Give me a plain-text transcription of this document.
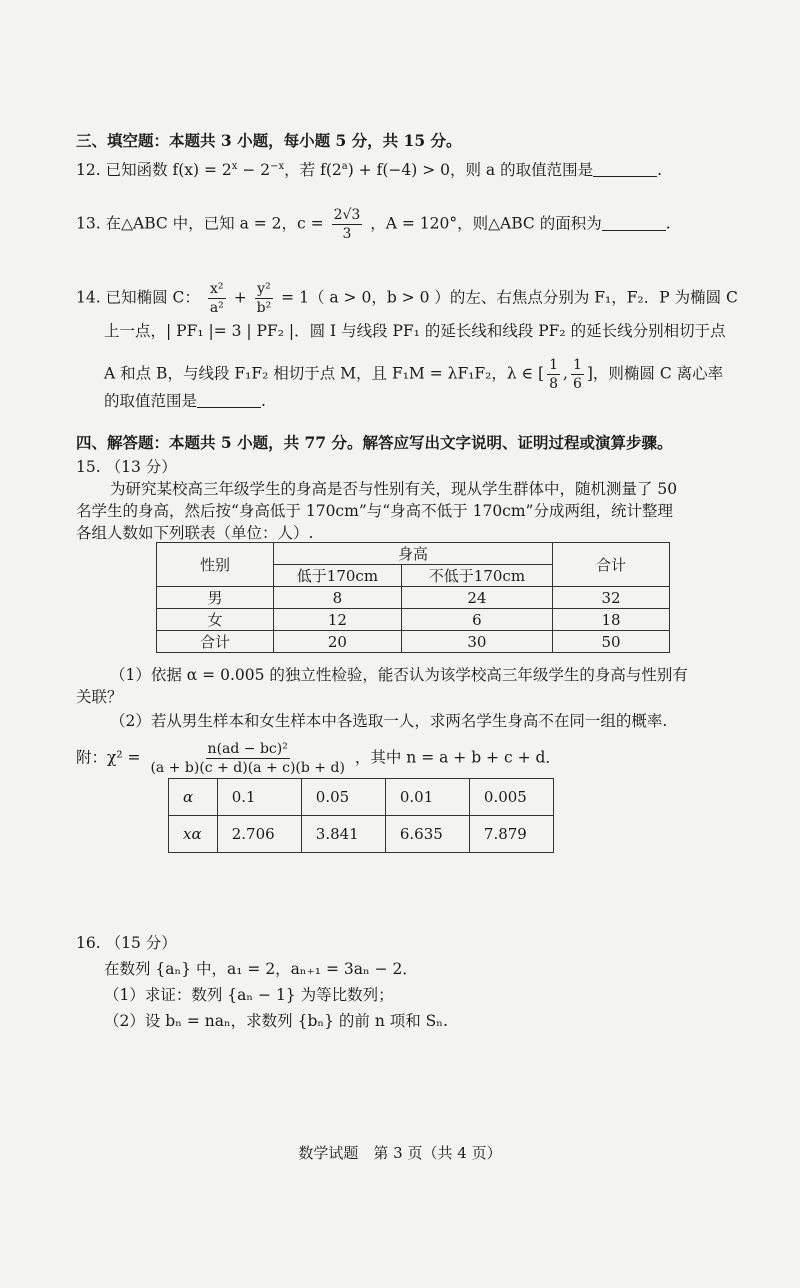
三、填空题：本题共 3 小题，每小题 5 分，共 15 分。
12. 已知函数 $f(x) = 2^x - 2^{-x}$，若 $f(2^a) + f(-4) > 0$，则 a 的取值范围是	.
13. 在△ABC 中，已知 a = 2，$c = \frac{2√3}{3}$ ，A = 120°，则△ABC 的面积为	.
14. 已知椭圆 C： $\frac{\text{x²}}{\text{a²}} + \frac{\text{y²}}{\text{b²}} = 1$（ a > 0，b > 0 ）的左、右焦点分别为 F₁，F₂．P 为椭圆 C
上一点，| PF₁ |= 3 | PF₂ |．圆 I 与线段 PF₁ 的延长线和线段 PF₂ 的延长线分别相切于点
A 和点 B，与线段 F₁F₂ 相切于点 M，且 F₁M = λF₁F₂，λ ∈ [ $\frac{1}{8}$ , $\frac{1}{6}$ ]，则椭圆 C 离心率
的取值范围是	.
四、解答题：本题共 5 小题，共 77 分。解答应写出文字说明、证明过程或演算步骤。
15. （13 分）
为研究某校高三年级学生的身高是否与性别有关，现从学生群体中，随机测量了 50
名学生的身高，然后按“身高低于 170cm”与“身高不低于 170cm”分成两组，统计整理
各组人数如下列联表（单位：人）.
性别	身高		合计
	低于170cm	不低于170cm	
男	8	24	32
女	12	6	18
合计	20	30	50
（1）依据 α = 0.005 的独立性检验，能否认为该学校高三年级学生的身高与性别有
关联？
（2）若从男生样本和女生样本中各选取一人，求两名学生身高不在同一组的概率.
附：$\chi^2 = \frac{\text{n(ad − bc)²}}{(a + b)(c + d)(a + c)(b + d)}$ ，其中 n = a + b + c + d．
α	0.1	0.05	0.01	0.005
xα	2.706	3.841	6.635	7.879
16. （15 分）
在数列 {aₙ} 中，a₁ = 2，aₙ₊₁ = 3aₙ − 2．
（1）求证：数列 {aₙ − 1} 为等比数列；
（2）设 bₙ = naₙ，求数列 {bₙ} 的前 n 项和 Sₙ.
数学试题　第 3 页（共 4 页）
